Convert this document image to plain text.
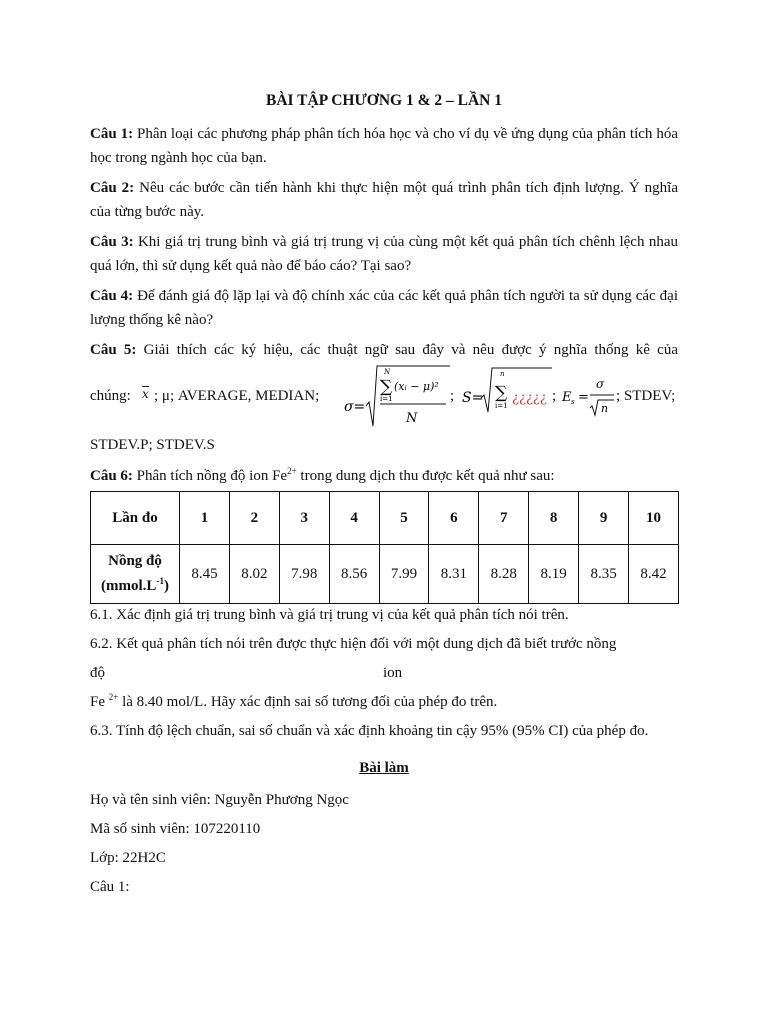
BÀI TẬP CHƯƠNG 1 & 2 – LẦN 1
Câu 1: Phân loại các phương pháp phân tích hóa học và cho ví dụ về ứng dụng của phân tích hóa học trong ngành học của bạn.
Câu 2: Nêu các bước cần tiến hành khi thực hiện một quá trình phân tích định lượng. Ý nghĩa của từng bước này.
Câu 3: Khi giá trị trung bình và giá trị trung vị của cùng một kết quả phân tích chênh lệch nhau quá lớn, thì sử dụng kết quả nào để báo cáo? Tại sao?
Câu 4: Để đánh giá độ lặp lại và độ chính xác của các kết quả phân tích người ta sử dụng các đại lượng thống kê nào?
Câu 5: Giải thích các ký hiệu, các thuật ngữ sau đây và nêu được ý nghĩa thống kê của
chúng: x ; μ; AVERAGE, MEDIAN;
σ=
N
∑
i=1
(xᵢ − μ)²
N
; S=
n
∑
i=1 ¿¿¿¿¿ ; E s =
σ
n
; STDEV;
STDEV.P; STDEV.S
Câu 6: Phân tích nồng độ ion $Fe^{2+}$ trong dung dịch thu được kết quả như sau:
Lần đo	1	2	3	4	5	6	7	8	9	10

Nồng độ
$(mmol.L^{-1})$	8.45	8.02	7.98	8.56	7.99	8.31	8.28	8.19	8.35	8.42
6.1. Xác định giá trị trung bình và giá trị trung vị của kết quả phân tích nói trên.
6.2. Kết quả phân tích nói trên được thực hiện đối với một dung dịch đã biết trước nồng
độ	ion
Fe $^{2+}$ là 8.40 mol/L. Hãy xác định sai số tương đối của phép đo trên.
6.3. Tính độ lệch chuẩn, sai số chuẩn và xác định khoảng tin cậy 95% (95% CI) của phép đo.
Bài làm
Họ và tên sinh viên: Nguyễn Phương Ngọc
Mã số sinh viên: 107220110
Lớp: 22H2C
Câu 1:
